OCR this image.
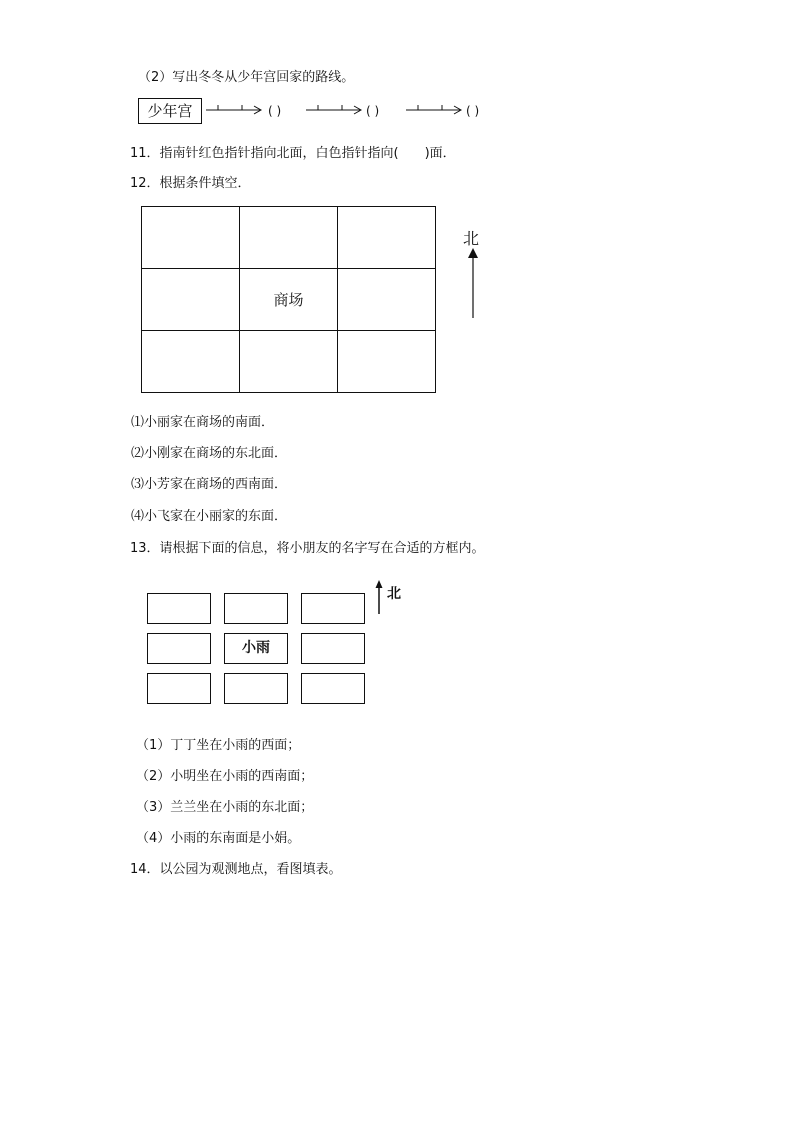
（2）写出冬冬从少年宫回家的路线。
少年宫	( )	( )	( )
11．指南针红色指针指向北面，白色指针指向(　　)面．
12．根据条件填空．

	商场	

北
⑴小丽家在商场的南面．
⑵小刚家在商场的东北面．
⑶小芳家在商场的西南面．
⑷小飞家在小丽家的东面．
13．请根据下面的信息，将小朋友的名字写在合适的方框内。
小雨
北
（1）丁丁坐在小雨的西面；
（2）小明坐在小雨的西南面；
（3）兰兰坐在小雨的东北面；
（4）小雨的东南面是小娟。
14．以公园为观测地点，看图填表。
